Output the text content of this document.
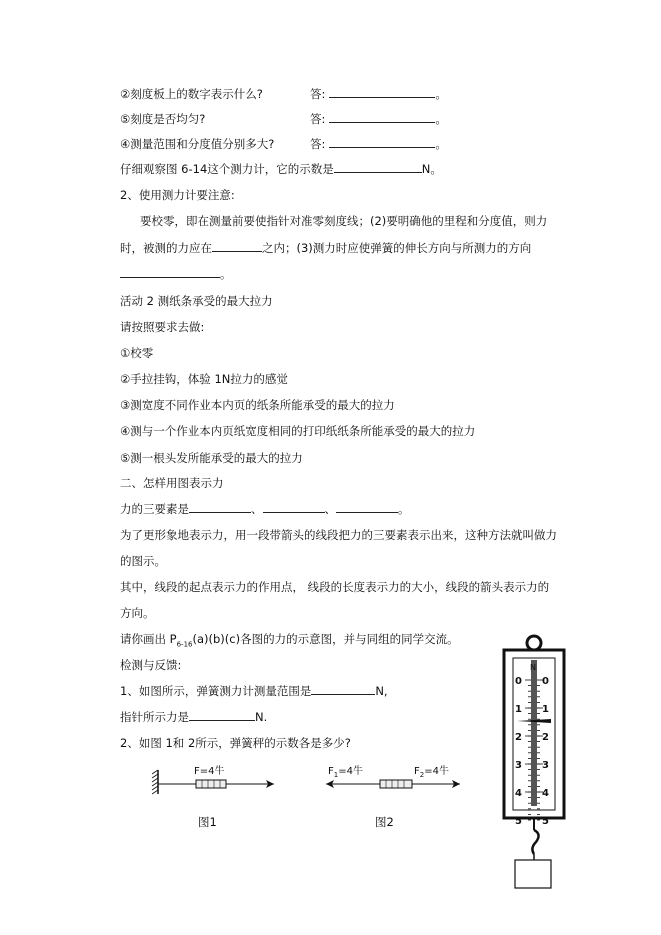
②刻度板上的数字表示什么?	答:	。
⑤刻度是否均匀?	答:	。
④测量范围和分度值分别多大?	答:	。
仔细观察图 6-14这个测力计，它的示数是	N。
2、使用测力计要注意:
要校零，即在测量前要使指针对准零刻度线；(2)要明确他的里程和分度值，则力
时，被测的力应在	之内；(3)测力时应使弹簧的伸长方向与所测力的方向
。
活动 2 测纸条承受的最大拉力
请按照要求去做:
①校零
②手拉挂钩，体验 1N拉力的感觉
③测宽度不同作业本内页的纸条所能承受的最大的拉力
④测与一个作业本内页纸宽度相同的打印纸纸条所能承受的最大的拉力
⑤测一根头发所能承受的最大的拉力
二、怎样用图表示力
力的三要素是	、	、	。
为了更形象地表示力，用一段带箭头的线段把力的三要素表示出来，这种方法就叫做力
的图示。
其中，线段的起点表示力的作用点， 线段的长度表示力的大小，线段的箭头表示力的
方向。
请你画出 $P_{6-16}(a)(b)(c)$各图的力的示意图，并与同组的同学交流。
检测与反馈:
1、如图所示，弹簧测力计测量范围是	N,
指针所示力是	N.
2、如图 1和 2所示，弹簧秤的示数各是多少?
F=4牛
图1
$F_1=4$牛	$F_2=4$牛
图2
0 0
1 1
2 2
3 3
4 4
5 5
N
